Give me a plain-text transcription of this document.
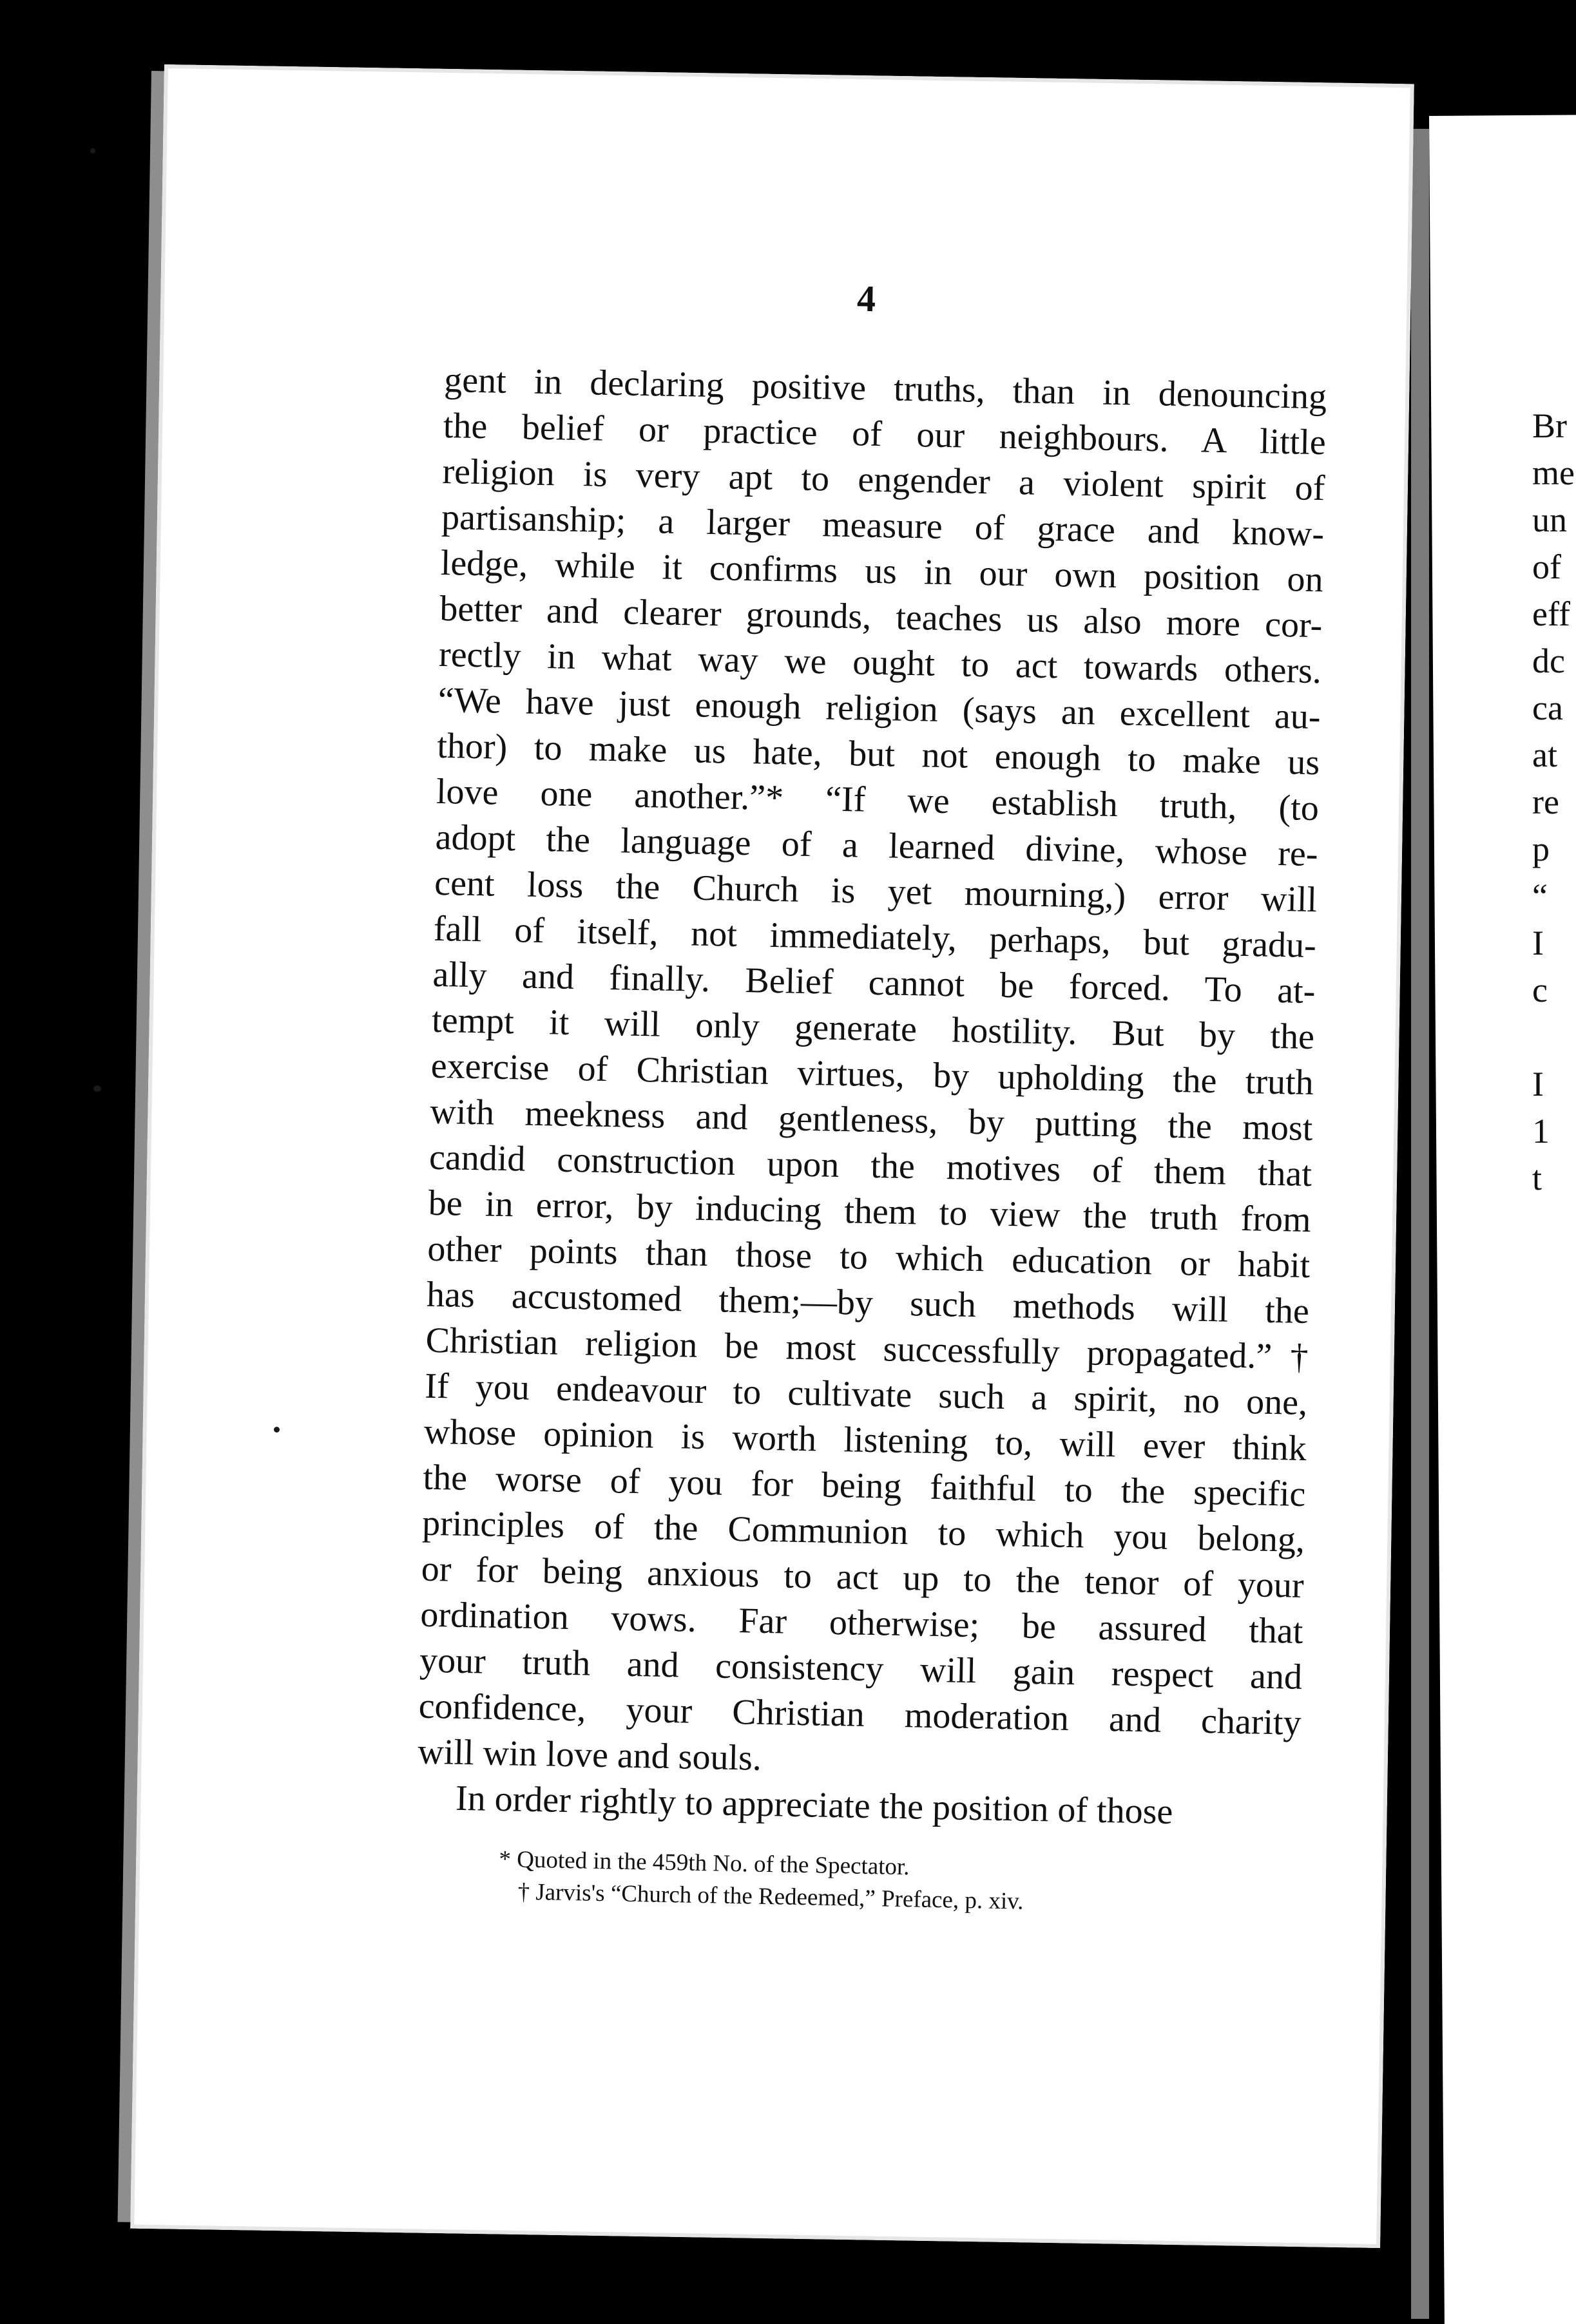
Br
me
un
of
eff
dc
ca
at
re
p
“
I
c

I
1
t
4
gent in declaring positive truths, than in denouncing
the belief or practice of our neighbours. A little
religion is very apt to engender a violent spirit of
partisanship; a larger measure of grace and know-
ledge, while it confirms us in our own position on
better and clearer grounds, teaches us also more cor-
rectly in what way we ought to act towards others.
“We have just enough religion (says an excellent au-
thor) to make us hate, but not enough to make us
love one another.”* “If we establish truth, (to
adopt the language of a learned divine, whose re-
cent loss the Church is yet mourning,) error will
fall of itself, not immediately, perhaps, but gradu-
ally and finally. Belief cannot be forced. To at-
tempt it will only generate hostility. But by the
exercise of Christian virtues, by upholding the truth
with meekness and gentleness, by putting the most
candid construction upon the motives of them that
be in error, by inducing them to view the truth from
other points than those to which education or habit
has accustomed them;—by such methods will the
Christian religion be most successfully propagated.”†
If you endeavour to cultivate such a spirit, no one,
whose opinion is worth listening to, will ever think
the worse of you for being faithful to the specific
principles of the Communion to which you belong,
or for being anxious to act up to the tenor of your
ordination vows. Far otherwise; be assured that
your truth and consistency will gain respect and
confidence, your Christian moderation and charity
will win love and souls.
In order rightly to appreciate the position of those
* Quoted in the 459th No. of the Spectator.
† Jarvis's “Church of the Redeemed,” Preface, p. xiv.
